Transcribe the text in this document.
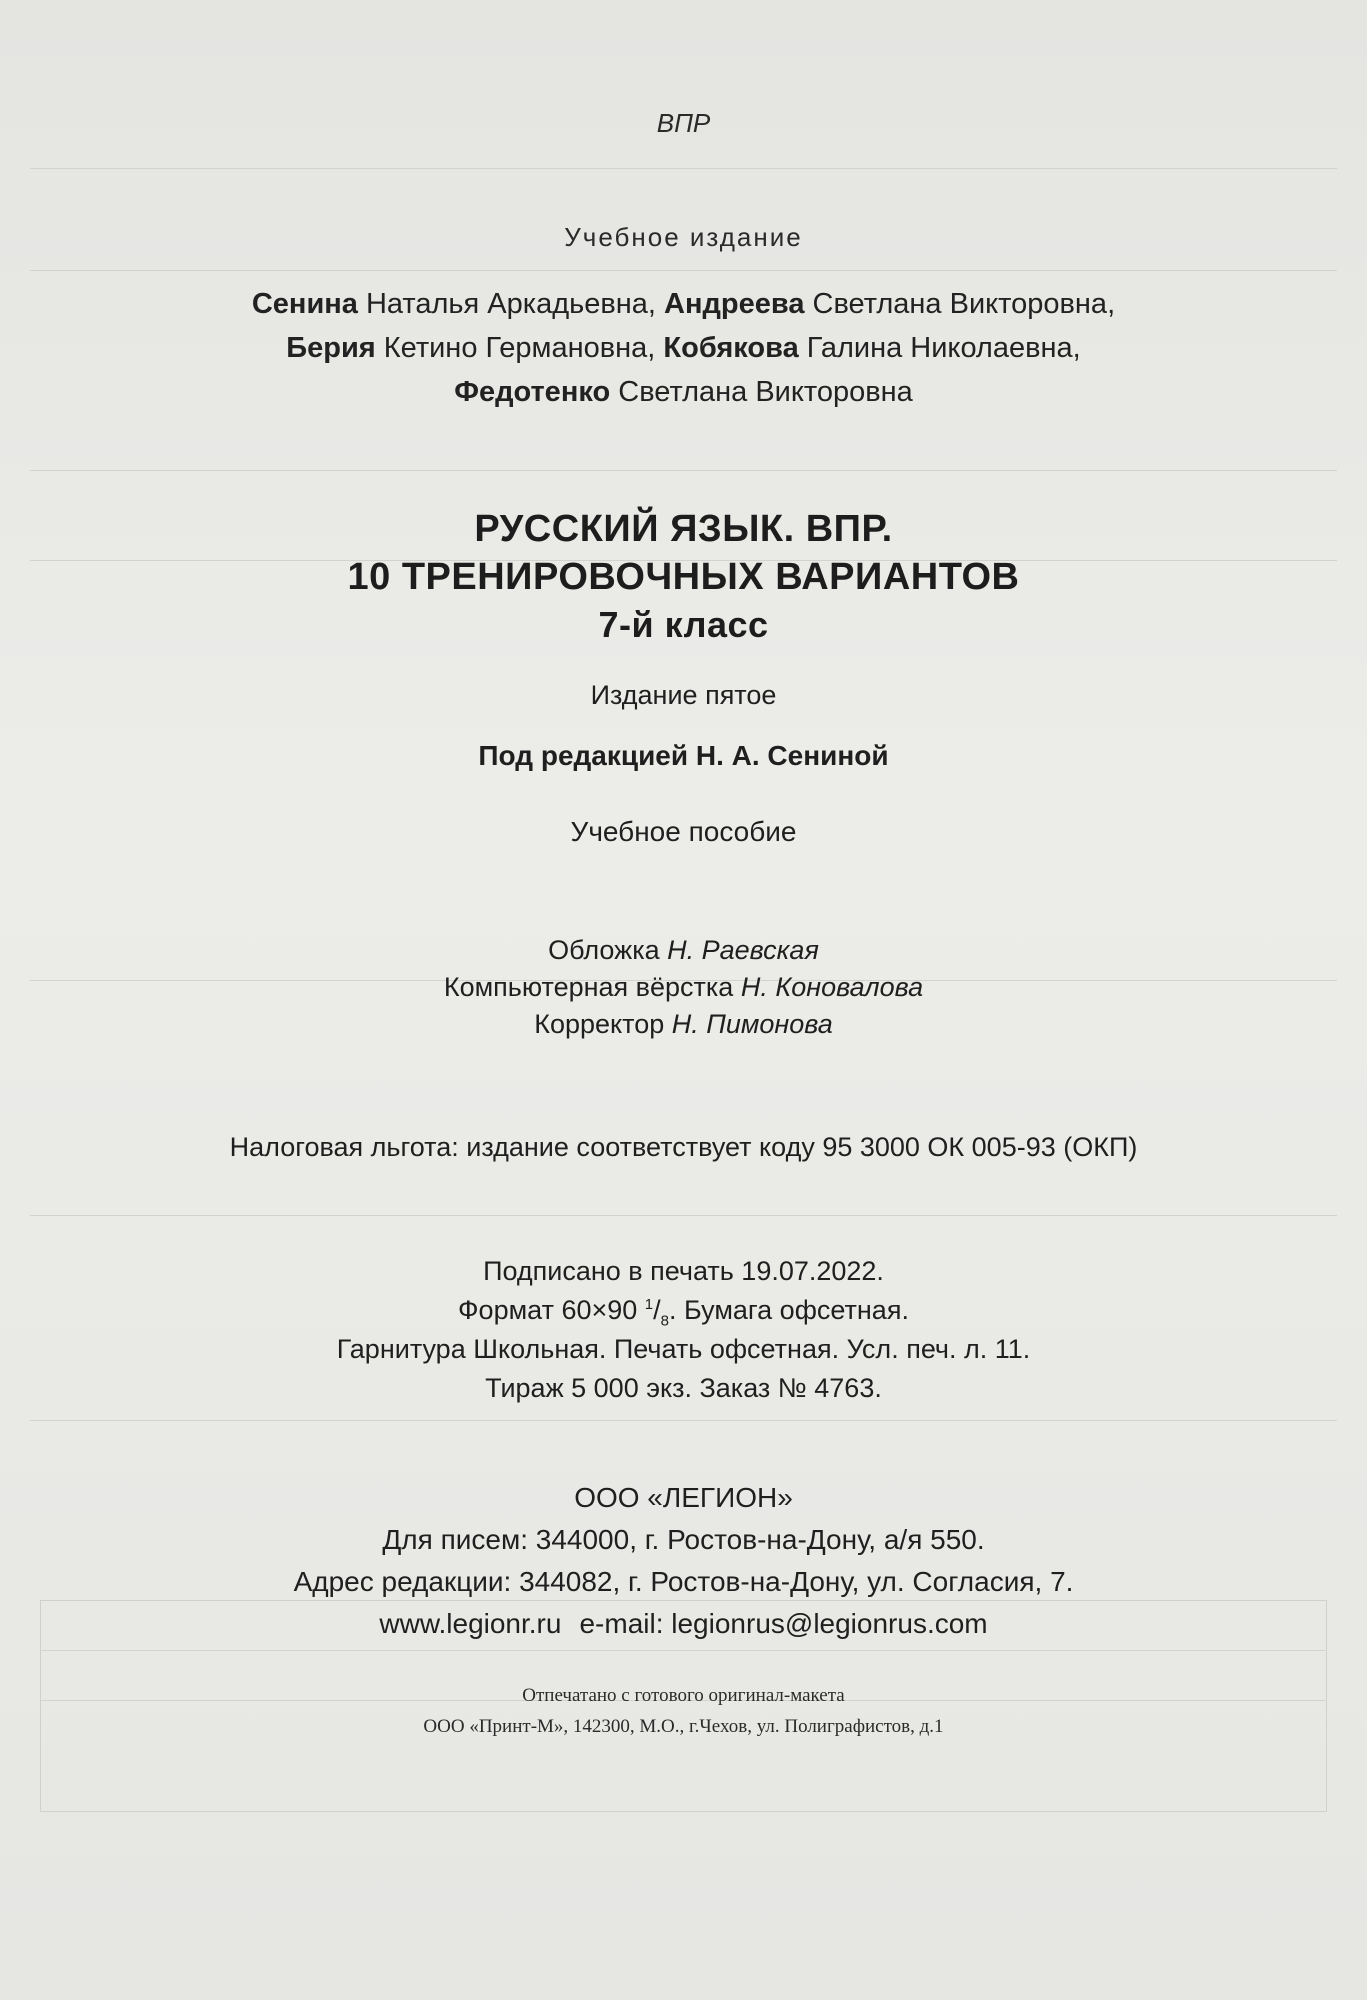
ВПР
Учебное издание
Сенина Наталья Аркадьевна, Андреева Светлана Викторовна,
Берия Кетино Германовна, Кобякова Галина Николаевна,
Федотенко Светлана Викторовна
РУССКИЙ ЯЗЫК. ВПР.
10 ТРЕНИРОВОЧНЫХ ВАРИАНТОВ
7-й класс
Издание пятое
Под редакцией Н. А. Сениной
Учебное пособие
Обложка Н. Раевская
Компьютерная вёрстка Н. Коновалова
Корректор Н. Пимонова
Налоговая льгота: издание соответствует коду 95 3000 ОК 005-93 (ОКП)
Подписано в печать 19.07.2022.
Формат 60×90 $^1/_8$. Бумага офсетная.
Гарнитура Школьная. Печать офсетная. Усл. печ. л. 11.
Тираж 5 000 экз. Заказ № 4763.
ООО «ЛЕГИОН»
Для писем: 344000, г. Ростов-на-Дону, а/я 550.
Адрес редакции: 344082, г. Ростов-на-Дону, ул. Согласия, 7.
www.legionr.ru e-mail: legionrus@legionrus.com
Отпечатано с готового оригинал-макета
ООО «Принт-М», 142300, М.О., г.Чехов, ул. Полиграфистов, д.1
